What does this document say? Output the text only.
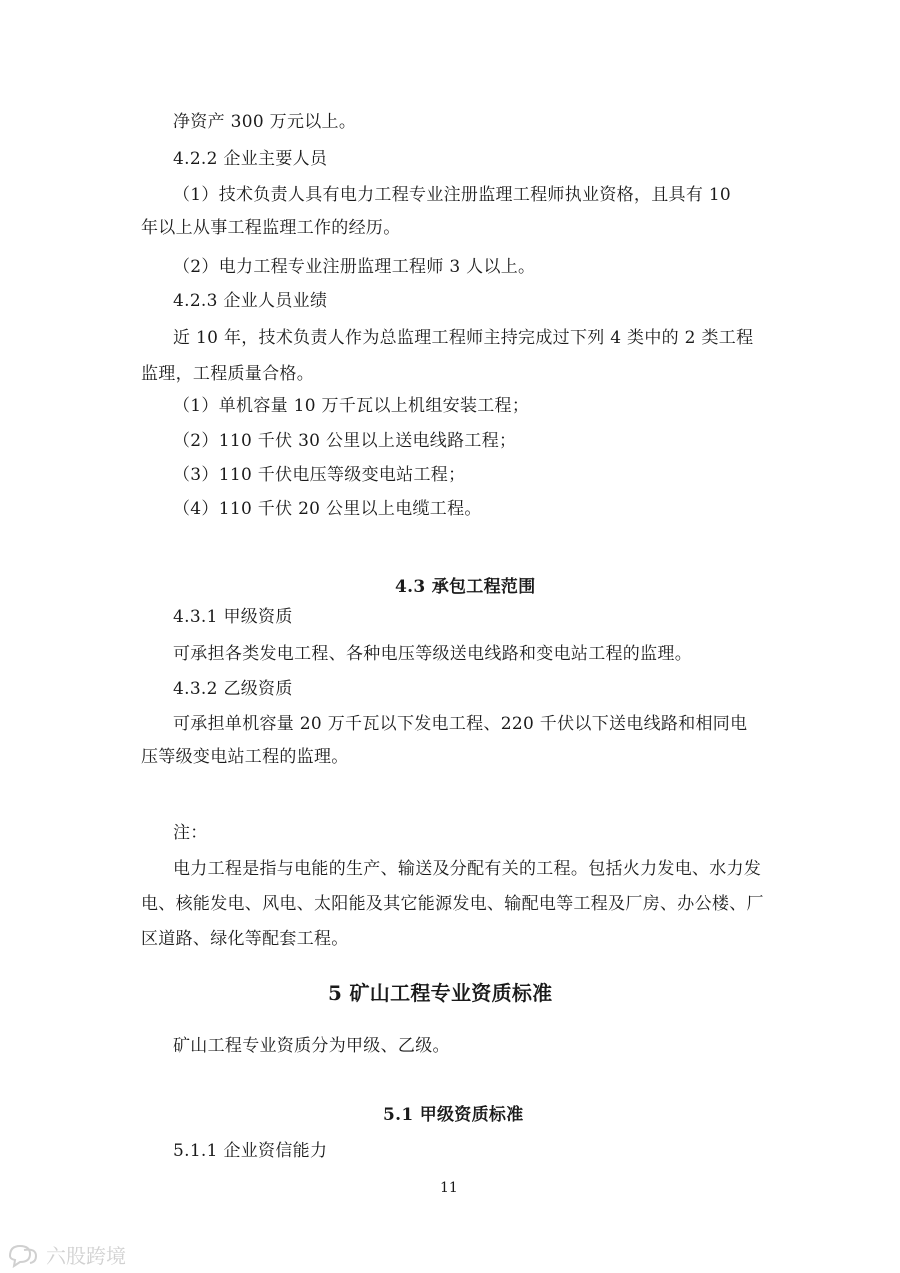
净资产 300 万元以上。
4.2.2 企业主要人员
（1）技术负责人具有电力工程专业注册监理工程师执业资格，且具有 10
年以上从事工程监理工作的经历。
（2）电力工程专业注册监理工程师 3 人以上。
4.2.3 企业人员业绩
近 10 年，技术负责人作为总监理工程师主持完成过下列 4 类中的 2 类工程
监理，工程质量合格。
（1）单机容量 10 万千瓦以上机组安装工程；
（2）110 千伏 30 公里以上送电线路工程；
（3）110 千伏电压等级变电站工程；
（4）110 千伏 20 公里以上电缆工程。
4.3 承包工程范围
4.3.1 甲级资质
可承担各类发电工程、各种电压等级送电线路和变电站工程的监理。
4.3.2 乙级资质
可承担单机容量 20 万千瓦以下发电工程、220 千伏以下送电线路和相同电
压等级变电站工程的监理。
注：
电力工程是指与电能的生产、输送及分配有关的工程。包括火力发电、水力发
电、核能发电、风电、太阳能及其它能源发电、输配电等工程及厂房、办公楼、厂
区道路、绿化等配套工程。
5 矿山工程专业资质标准
矿山工程专业资质分为甲级、乙级。
5.1 甲级资质标准
5.1.1 企业资信能力
11
六股跨境
